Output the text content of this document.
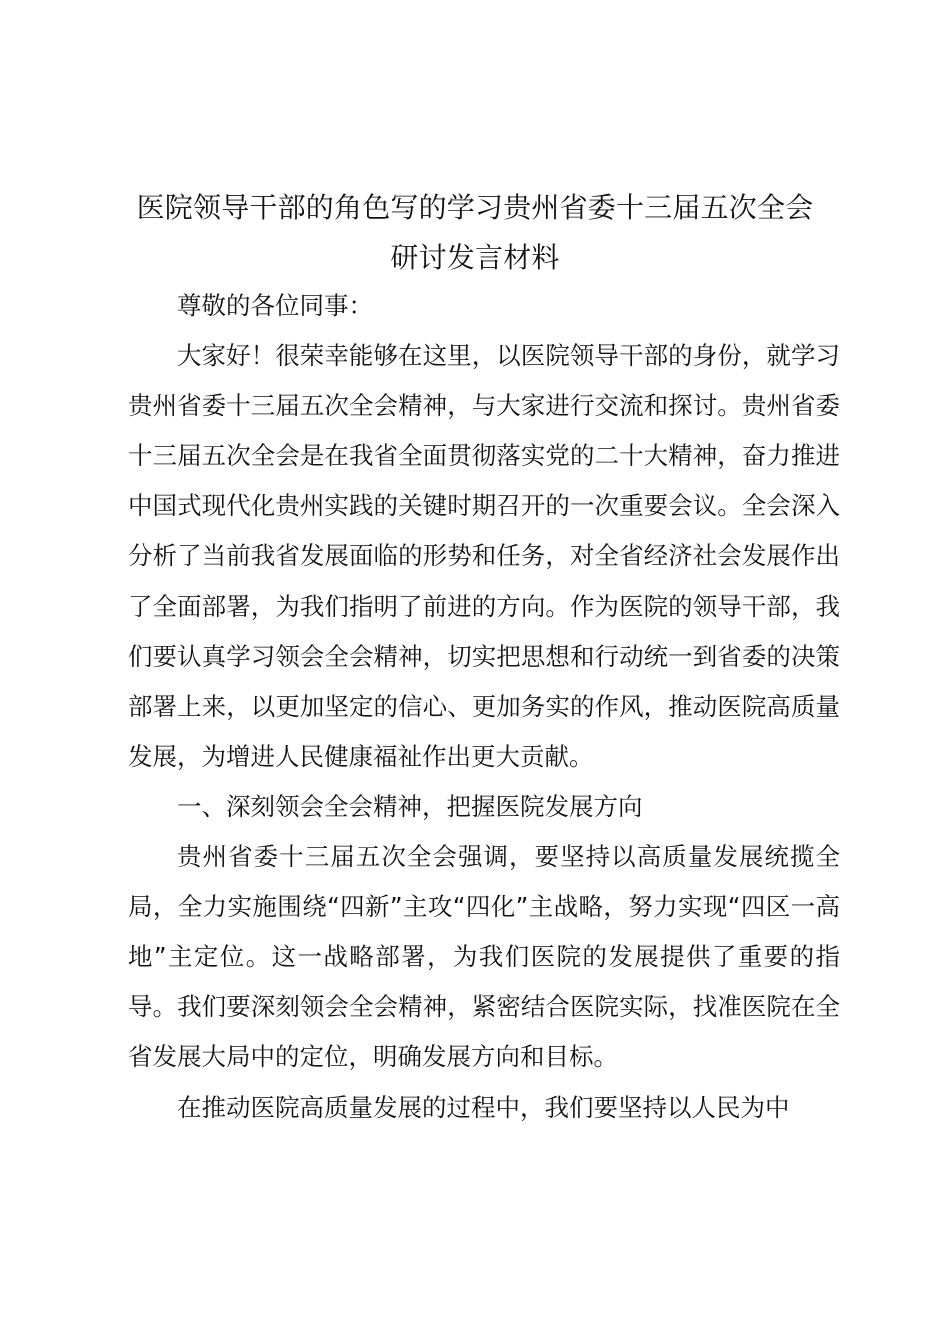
医院领导干部的角色写的学习贵州省委十三届五次全会
研讨发言材料

尊敬的各位同事：

大家好！很荣幸能够在这里，以医院领导干部的身份，就学习贵州省委十三届五次全会精神，与大家进行交流和探讨。贵州省委十三届五次全会是在我省全面贯彻落实党的二十大精神，奋力推进中国式现代化贵州实践的关键时期召开的一次重要会议。全会深入分析了当前我省发展面临的形势和任务，对全省经济社会发展作出了全面部署，为我们指明了前进的方向。作为医院的领导干部，我们要认真学习领会全会精神，切实把思想和行动统一到省委的决策部署上来，以更加坚定的信心、更加务实的作风，推动医院高质量发展，为增进人民健康福祉作出更大贡献。

一、深刻领会全会精神，把握医院发展方向

贵州省委十三届五次全会强调，要坚持以高质量发展统揽全局，全力实施围绕“四新”主攻“四化”主战略，努力实现“四区一高地”主定位。这一战略部署，为我们医院的发展提供了重要的指导。我们要深刻领会全会精神，紧密结合医院实际，找准医院在全省发展大局中的定位，明确发展方向和目标。

在推动医院高质量发展的过程中，我们要坚持以人民为中
